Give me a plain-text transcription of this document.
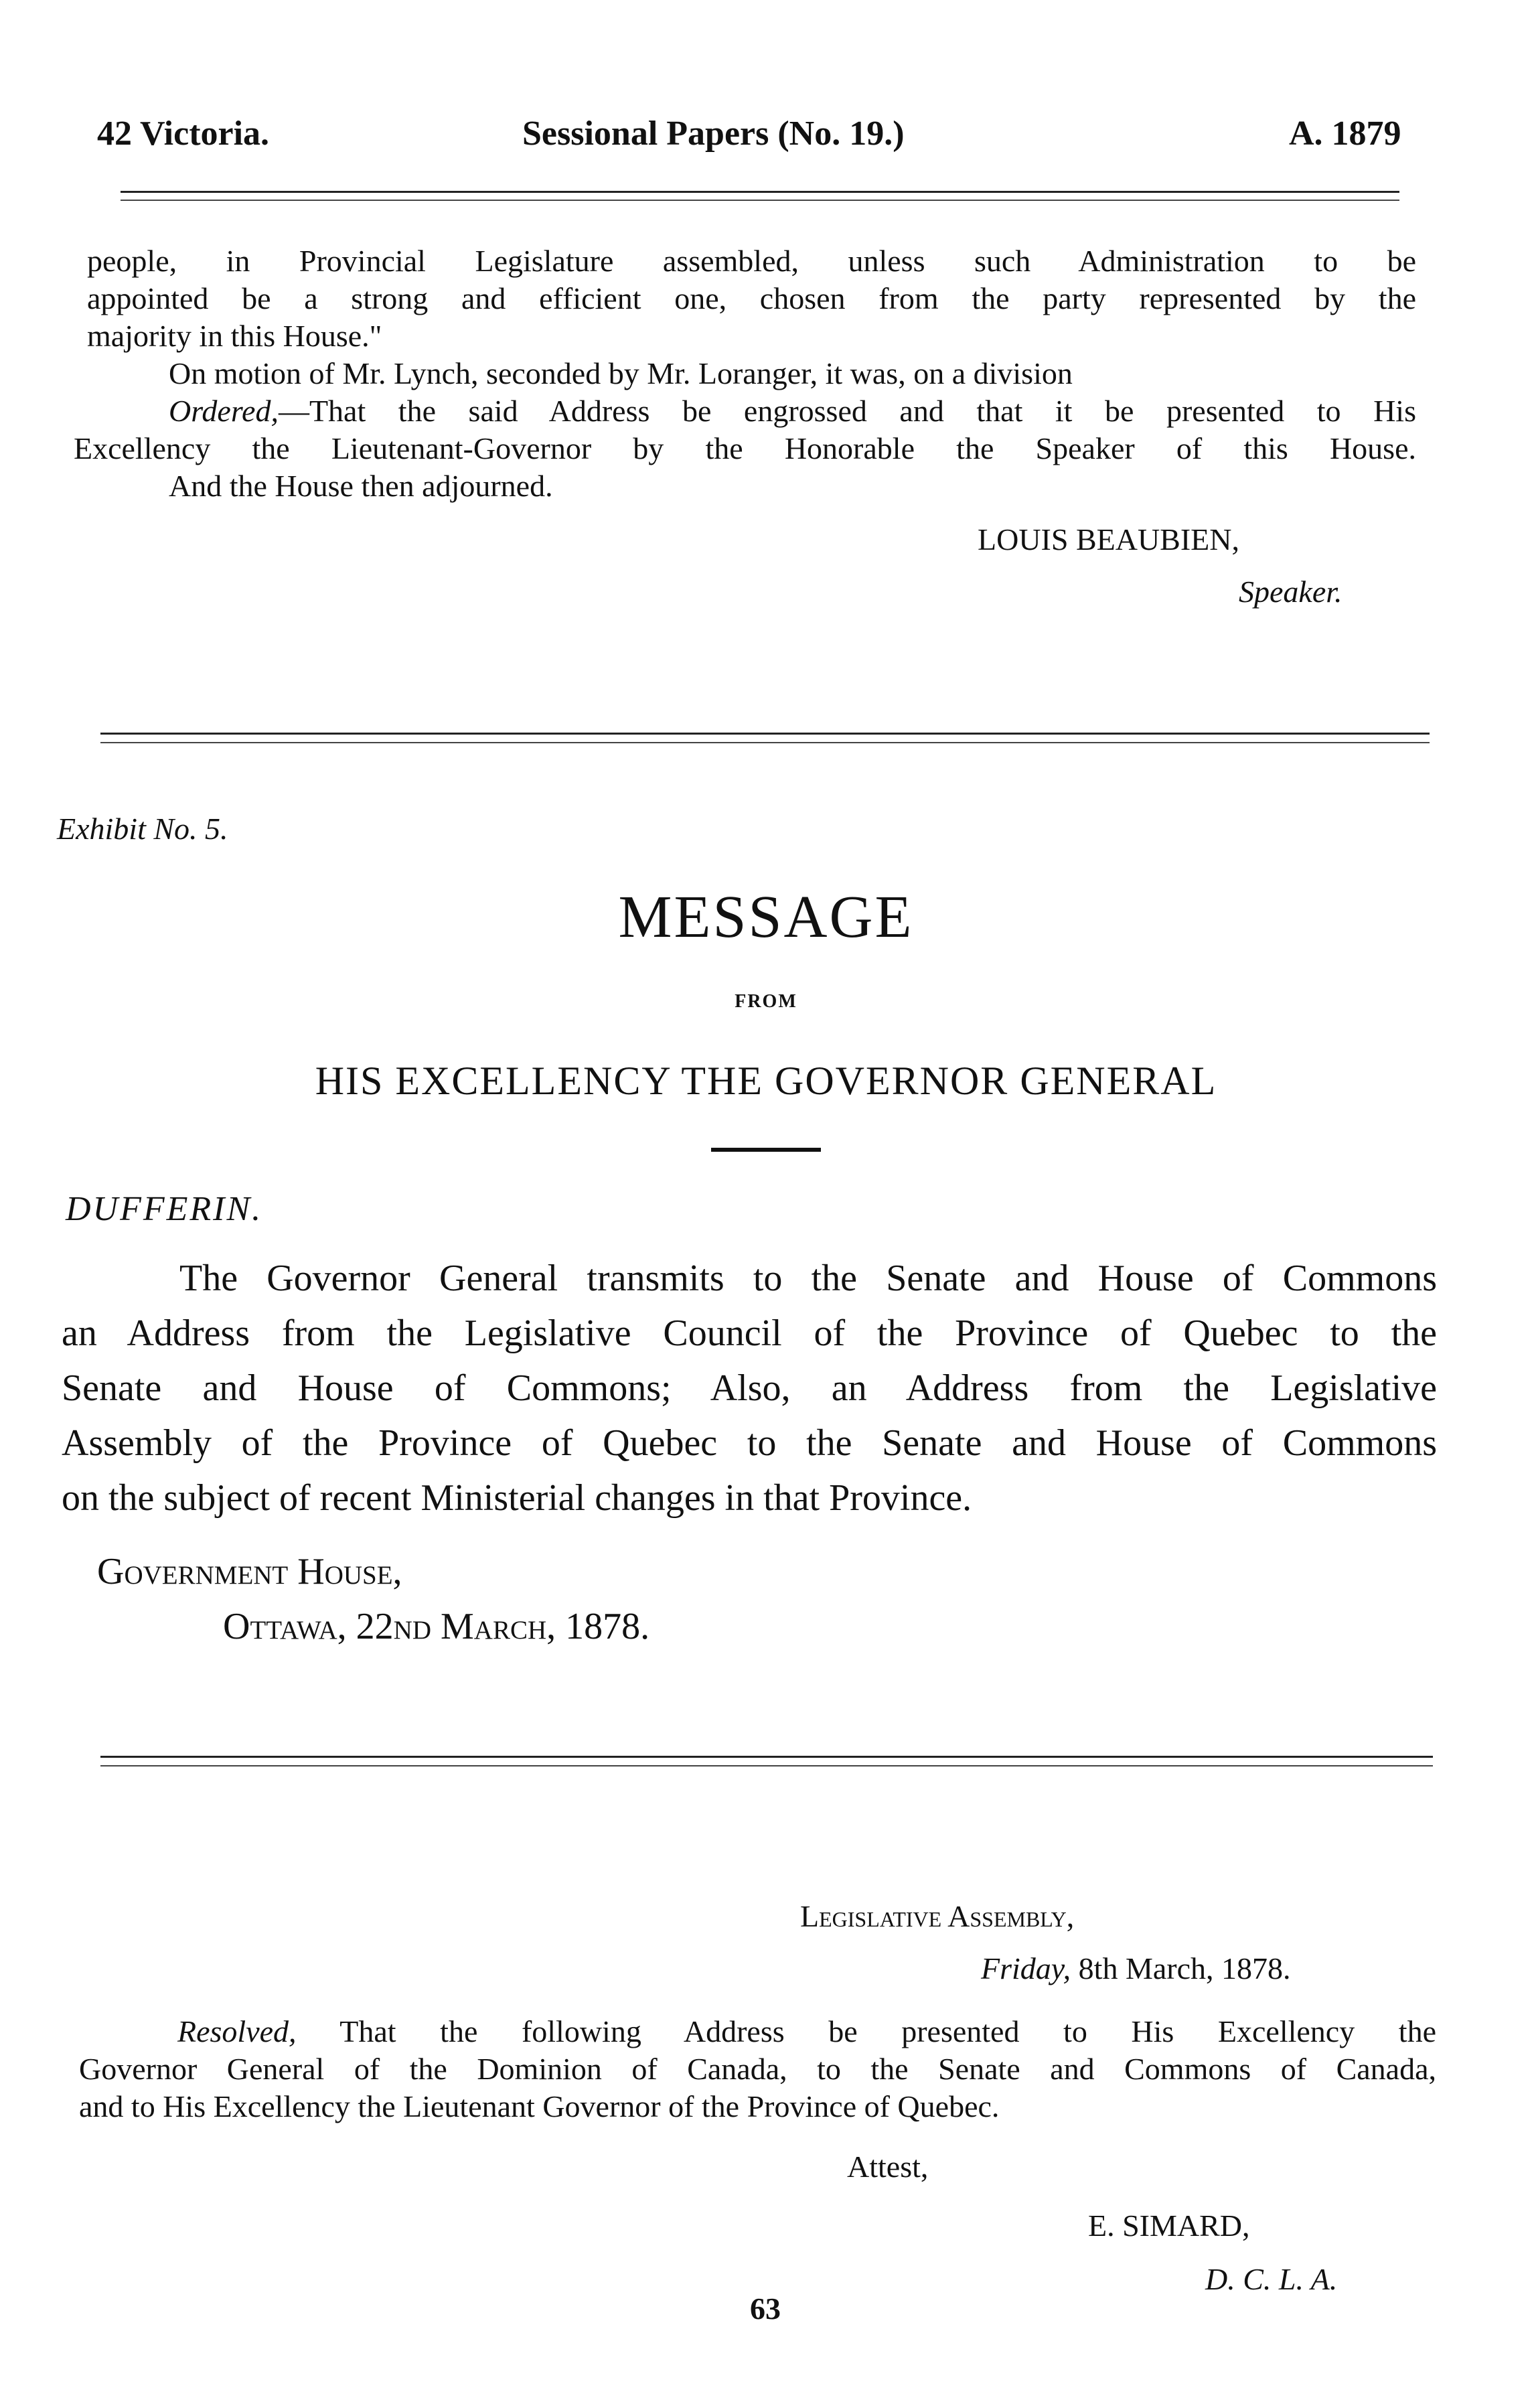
42 Victoria.	Sessional Papers (No. 19.)	A. 1879
people, in Provincial Legislature assembled, unless such Administration to be
appointed be a strong and efficient one, chosen from the party represented by the
majority in this House."
On motion of Mr. Lynch, seconded by Mr. Loranger, it was, on a division
Ordered,—That the said Address be engrossed and that it be presented to His
Excellency the Lieutenant-Governor by the Honorable the Speaker of this House.
And the House then adjourned.
LOUIS BEAUBIEN,
Speaker.
Exhibit No. 5.
MESSAGE
FROM
HIS EXCELLENCY THE GOVERNOR GENERAL
DUFFERIN.
The Governor General transmits to the Senate and House of Commons
an Address from the Legislative Council of the Province of Quebec to the
Senate and House of Commons; Also, an Address from the Legislative
Assembly of the Province of Quebec to the Senate and House of Commons
on the subject of recent Ministerial changes in that Province.
Government House,
Ottawa, 22nd March, 1878.
Legislative Assembly,
Friday, 8th March, 1878.
Resolved, That the following Address be presented to His Excellency the
Governor General of the Dominion of Canada, to the Senate and Commons of Canada,
and to His Excellency the Lieutenant Governor of the Province of Quebec.
Attest,
E. SIMARD,
D. C. L. A.
63
